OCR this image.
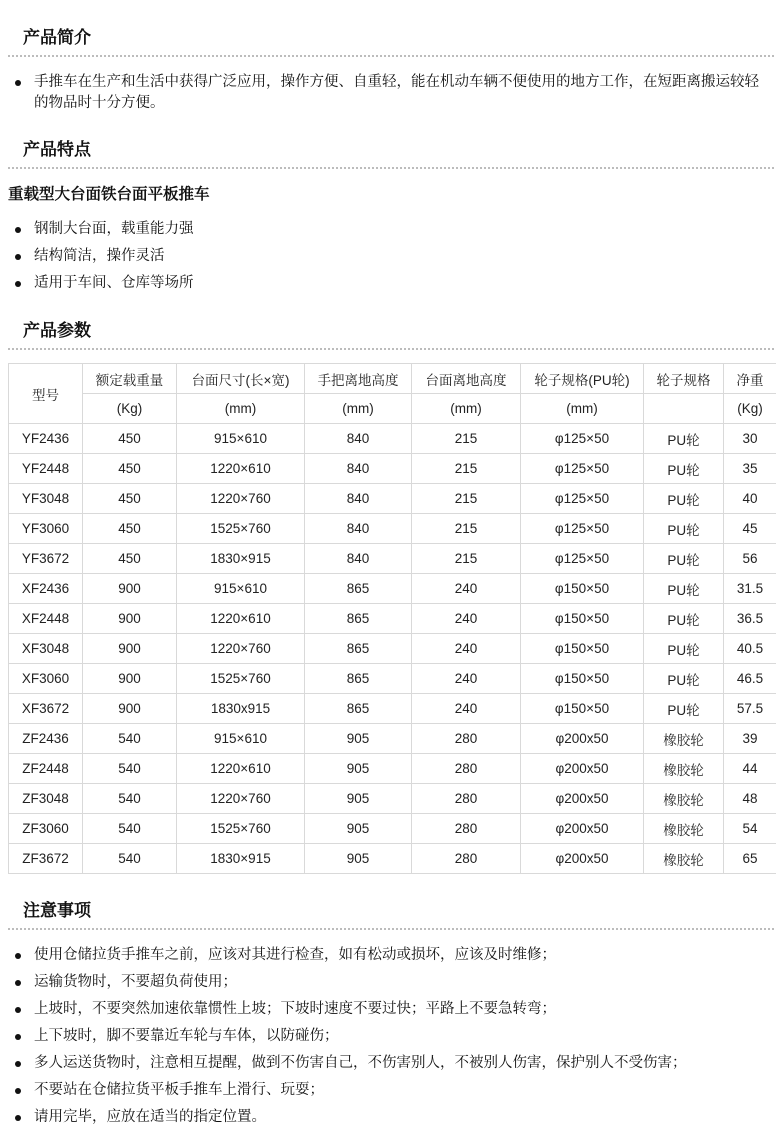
产品简介
手推车在生产和生活中获得广泛应用，操作方便、自重轻，能在机动车辆不便使用的地方工作，在短距离搬运较轻的物品时十分方便。
产品特点
重载型大台面铁台面平板推车
钢制大台面，载重能力强
结构简洁，操作灵活
适用于车间、仓库等场所
产品参数
型号	额定载重量	台面尺寸(长×宽)	手把离地高度	台面离地高度	轮子规格(PU轮)	轮子规格	净重
	(Kg)	(mm)	(mm)	(mm)	(mm)		(Kg)
YF2436	450	915×610	840	215	φ125×50	PU轮	30
YF2448	450	1220×610	840	215	φ125×50	PU轮	35
YF3048	450	1220×760	840	215	φ125×50	PU轮	40
YF3060	450	1525×760	840	215	φ125×50	PU轮	45
YF3672	450	1830×915	840	215	φ125×50	PU轮	56
XF2436	900	915×610	865	240	φ150×50	PU轮	31.5
XF2448	900	1220×610	865	240	φ150×50	PU轮	36.5
XF3048	900	1220×760	865	240	φ150×50	PU轮	40.5
XF3060	900	1525×760	865	240	φ150×50	PU轮	46.5
XF3672	900	1830x915	865	240	φ150×50	PU轮	57.5
ZF2436	540	915×610	905	280	φ200x50	橡胶轮	39
ZF2448	540	1220×610	905	280	φ200x50	橡胶轮	44
ZF3048	540	1220×760	905	280	φ200x50	橡胶轮	48
ZF3060	540	1525×760	905	280	φ200x50	橡胶轮	54
ZF3672	540	1830×915	905	280	φ200x50	橡胶轮	65
注意事项
使用仓储拉货手推车之前，应该对其进行检查，如有松动或损坏，应该及时维修；
运输货物时，不要超负荷使用；
上坡时，不要突然加速依靠惯性上坡；下坡时速度不要过快；平路上不要急转弯；
上下坡时，脚不要靠近车轮与车体，以防碰伤；
多人运送货物时，注意相互提醒，做到不伤害自己，不伤害别人，不被别人伤害，保护别人不受伤害；
不要站在仓储拉货平板手推车上滑行、玩耍；
请用完毕，应放在适当的指定位置。
